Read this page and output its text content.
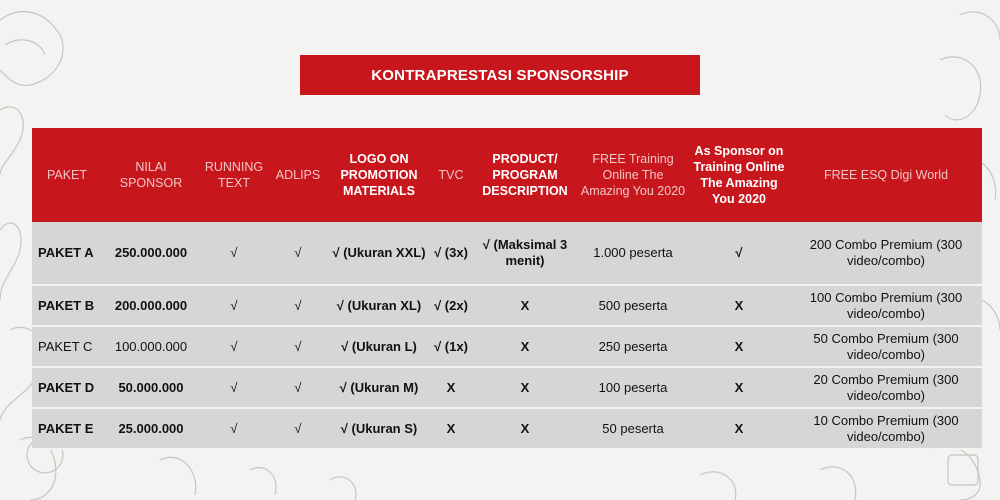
KONTRAPRESTASI SPONSORSHIP
PAKET	NILAI SPONSOR	RUNNING TEXT	ADLIPS	LOGO ON PROMOTION MATERIALS	TVC	PRODUCT/ PROGRAM DESCRIPTION	FREE Training Online The Amazing You 2020	As Sponsor on Training Online The Amazing You 2020	FREE ESQ Digi World
PAKET A	250.000.000	√	√	√ (Ukuran XXL)	√ (3x)	√ (Maksimal 3 menit)	1.000 peserta	√	200 Combo Premium (300 video/combo)
PAKET B	200.000.000	√	√	√ (Ukuran XL)	√ (2x)	X	500 peserta	X	100 Combo Premium (300 video/combo)
PAKET C	100.000.000	√	√	√ (Ukuran L)	√ (1x)	X	250 peserta	X	50 Combo Premium (300 video/combo)
PAKET D	50.000.000	√	√	√ (Ukuran M)	X	X	100 peserta	X	20 Combo Premium (300 video/combo)
PAKET E	25.000.000	√	√	√ (Ukuran S)	X	X	50 peserta	X	10 Combo Premium (300 video/combo)
